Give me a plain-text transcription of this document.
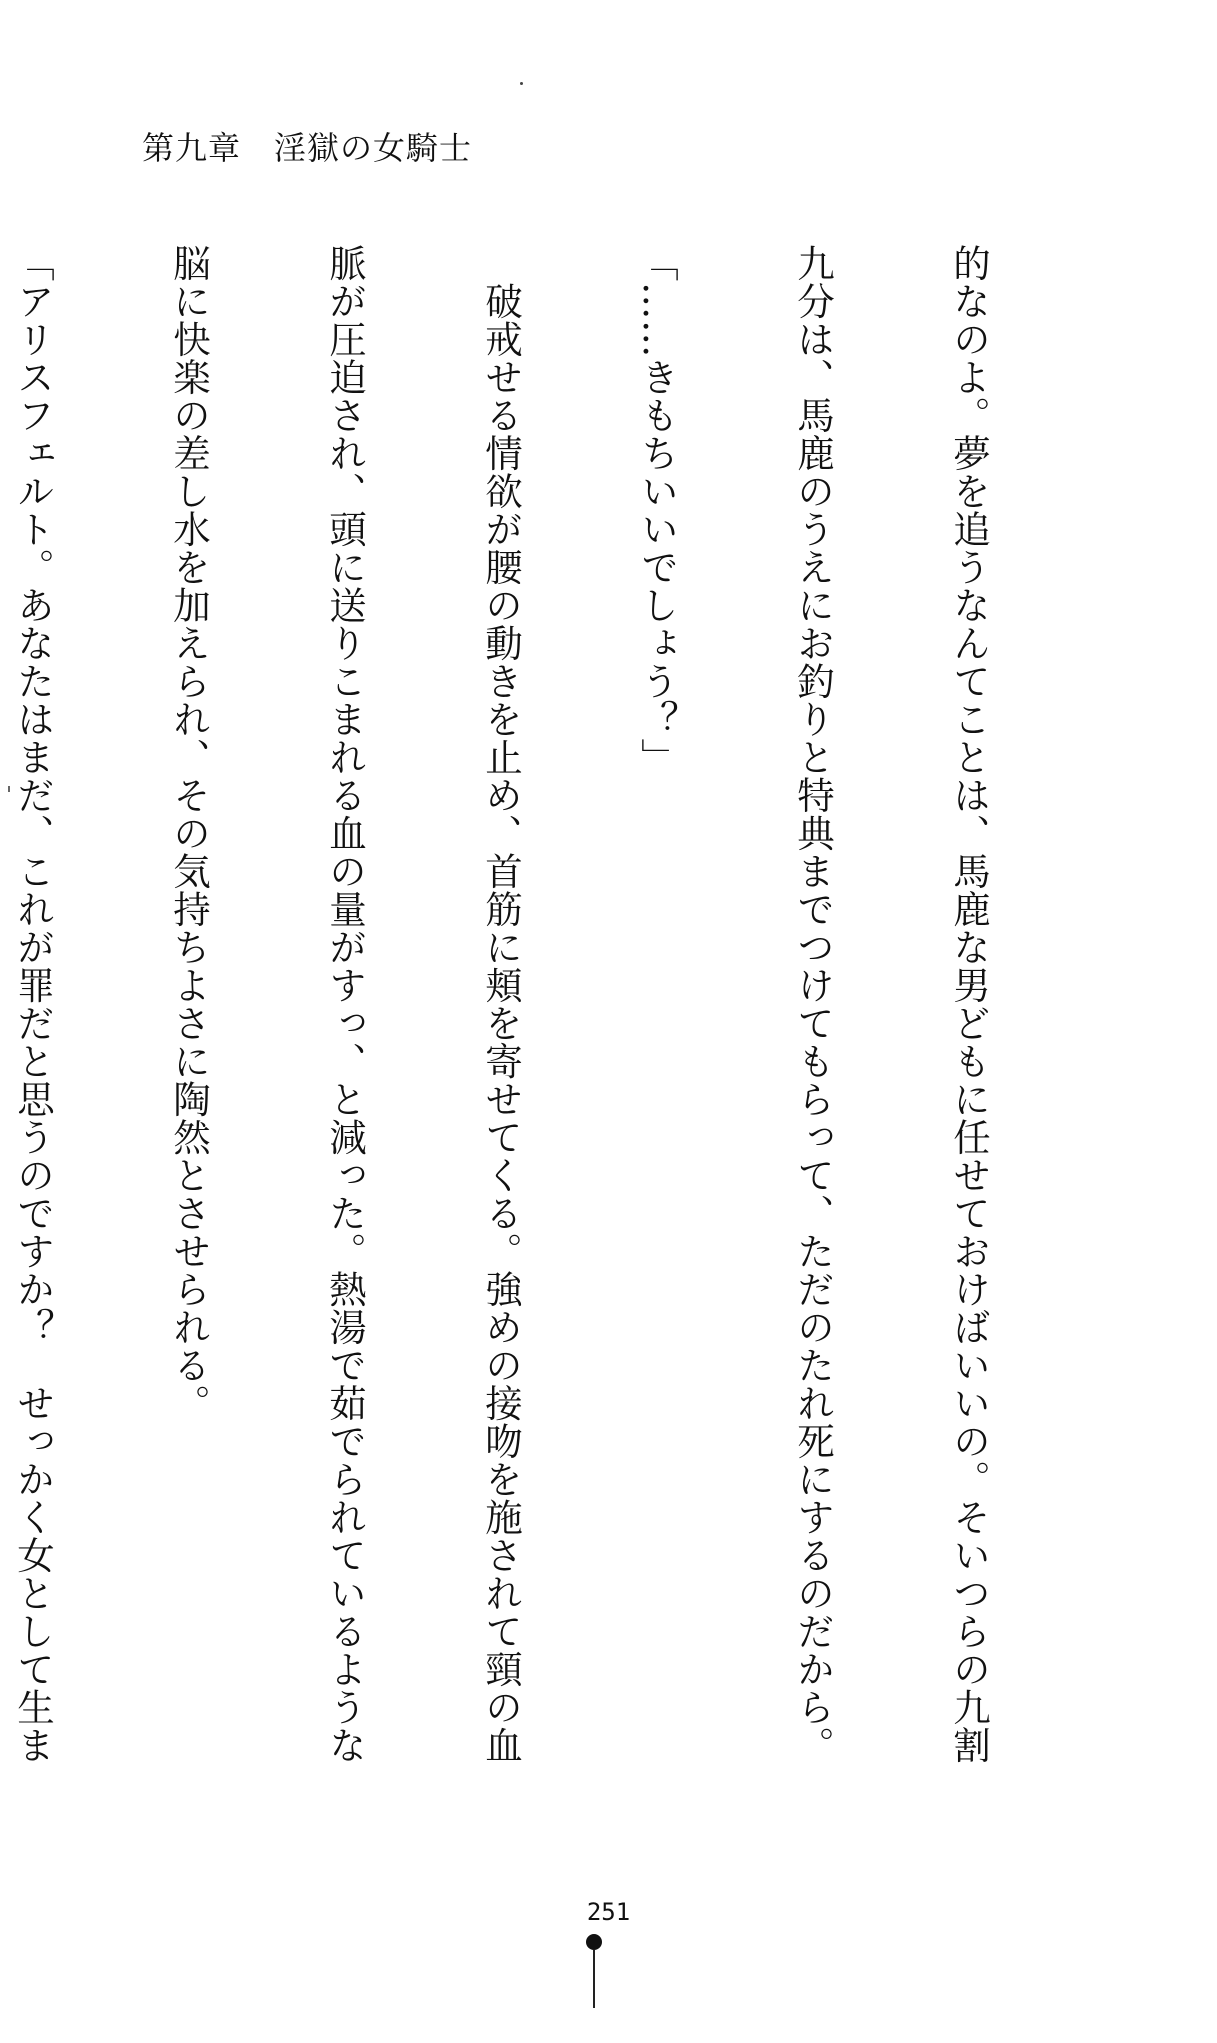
第九章　淫獄の女騎士

的なのよ。夢を追うなんてことは、馬鹿な男どもに任せておけばいいの。そいつらの九割

九分は、馬鹿のうえにお釣りと特典までつけてもらって、ただのたれ死にするのだから。

「……きもちいいでしょう？」

　破戒せる情欲が腰の動きを止め、首筋に頬を寄せてくる。強めの接吻を施されて頸の血

脈が圧迫され、頭に送りこまれる血の量がすっ、と減った。熱湯で茹でられているような

脳に快楽の差し水を加えられ、その気持ちよさに陶然とさせられる。

「アリスフェルト。あなたはまだ、これが罪だと思うのですか？　せっかく女として生ま

251
